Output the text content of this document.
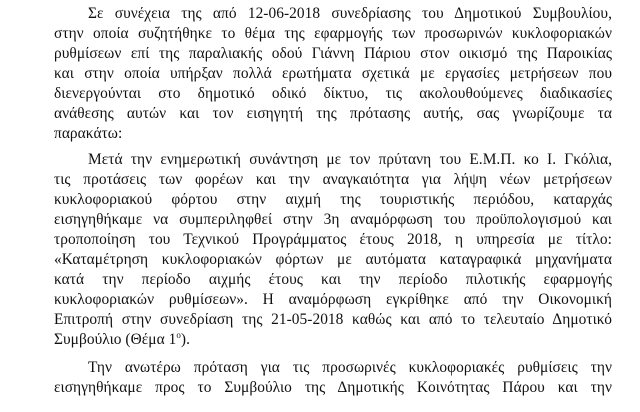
Σε συνέχεια της από 12-06-2018 συνεδρίασης του Δημοτικού Συμβουλίου,
στην οποία συζητήθηκε το θέμα της εφαρμογής των προσωρινών κυκλοφοριακών
ρυθμίσεων επί της παραλιακής οδού Γιάννη Πάριου στον οικισμό της Παροικίας
και στην οποία υπήρξαν πολλά ερωτήματα σχετικά με εργασίες μετρήσεων που
διενεργούνται στο δημοτικό οδικό δίκτυο, τις ακολουθούμενες διαδικασίες
ανάθεσης αυτών και τον εισηγητή της πρότασης αυτής, σας γνωρίζουμε τα
παρακάτω:
Μετά την ενημερωτική συνάντηση με τον πρύτανη του Ε.Μ.Π. κο Ι. Γκόλια,
τις προτάσεις των φορέων και την αναγκαιότητα για λήψη νέων μετρήσεων
κυκλοφοριακού φόρτου στην αιχμή της τουριστικής περιόδου, καταρχάς
εισηγηθήκαμε να συμπεριληφθεί στην 3η αναμόρφωση του προϋπολογισμού και
τροποποίηση του Τεχνικού Προγράμματος έτους 2018, η υπηρεσία με τίτλο:
«Καταμέτρηση κυκλοφοριακών φόρτων με αυτόματα καταγραφικά μηχανήματα
κατά την περίοδο αιχμής έτους και την περίοδο πιλοτικής εφαρμογής
κυκλοφοριακών ρυθμίσεων». Η αναμόρφωση εγκρίθηκε από την Οικονομική
Επιτροπή στην συνεδρίαση της 21-05-2018 καθώς και από το τελευταίο Δημοτικό
Συμβούλιο (Θέμα 1$^o$).
Την ανωτέρω πρόταση για τις προσωρινές κυκλοφοριακές ρυθμίσεις την
εισηγηθήκαμε προς το Συμβούλιο της Δημοτικής Κοινότητας Πάρου και την
